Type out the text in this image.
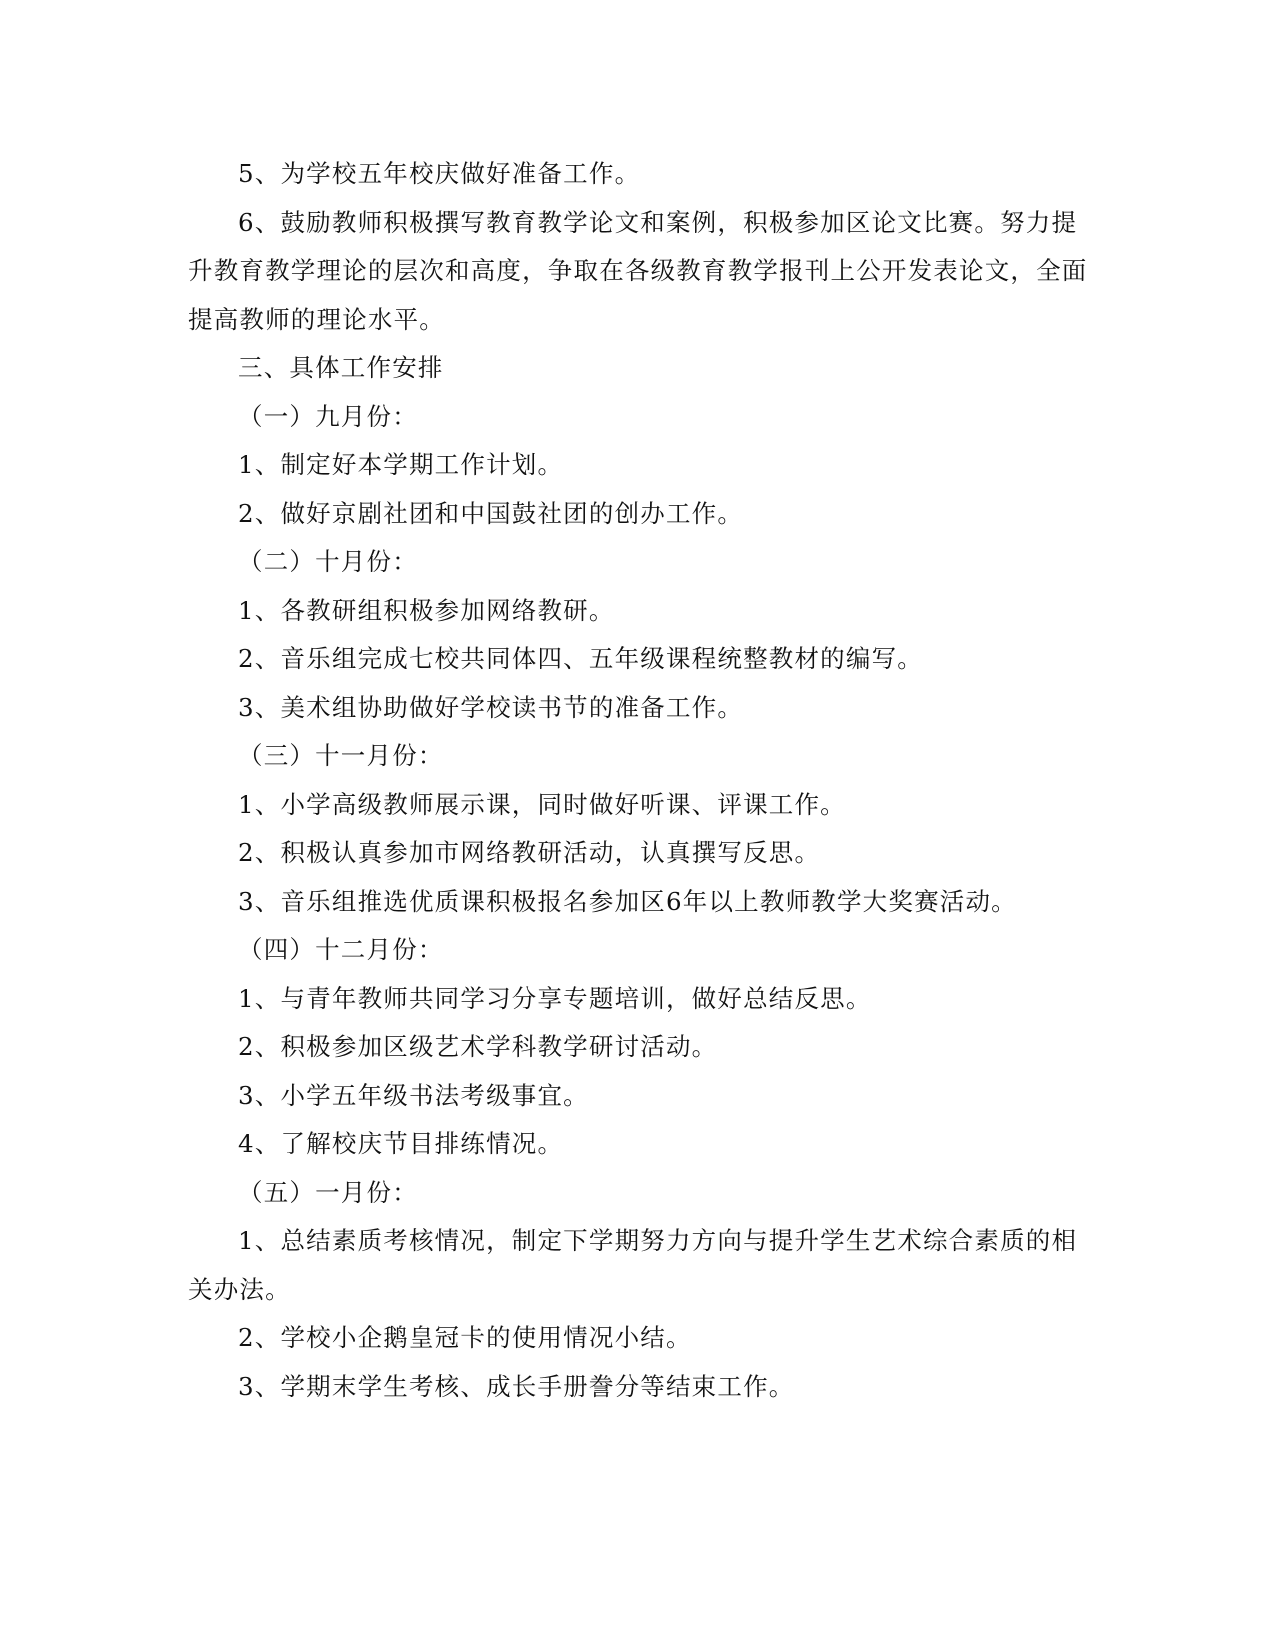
5、为学校五年校庆做好准备工作。

6、鼓励教师积极撰写教育教学论文和案例，积极参加区论文比赛。努力提升教育教学理论的层次和高度，争取在各级教育教学报刊上公开发表论文，全面提高教师的理论水平。

三、具体工作安排

（一）九月份：

1、制定好本学期工作计划。

2、做好京剧社团和中国鼓社团的创办工作。

（二）十月份：

1、各教研组积极参加网络教研。

2、音乐组完成七校共同体四、五年级课程统整教材的编写。

3、美术组协助做好学校读书节的准备工作。

（三）十一月份：

1、小学高级教师展示课，同时做好听课、评课工作。

2、积极认真参加市网络教研活动，认真撰写反思。

3、音乐组推选优质课积极报名参加区6年以上教师教学大奖赛活动。

（四）十二月份：

1、与青年教师共同学习分享专题培训，做好总结反思。

2、积极参加区级艺术学科教学研讨活动。

3、小学五年级书法考级事宜。

4、了解校庆节目排练情况。

（五）一月份：

1、总结素质考核情况，制定下学期努力方向与提升学生艺术综合素质的相关办法。

2、学校小企鹅皇冠卡的使用情况小结。

3、学期末学生考核、成长手册誊分等结束工作。
